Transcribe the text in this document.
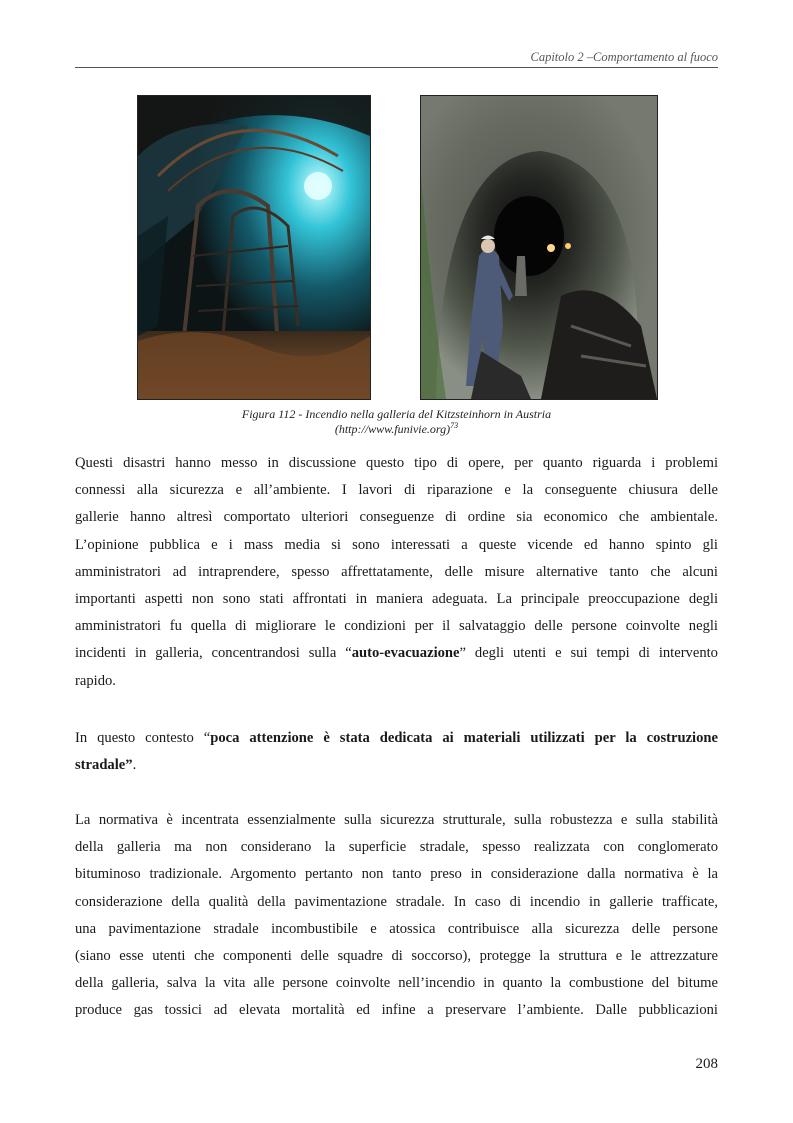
Capitolo 2 –Comportamento al fuoco
Figura 112 - Incendio nella galleria del Kitzsteinhorn in Austria
(http://www.funivie.org)$^{73}$
Questi disastri hanno messo in discussione questo tipo di opere, per quanto riguarda i problemi
connessi alla sicurezza e all’ambiente. I lavori di riparazione e la conseguente chiusura delle
gallerie hanno altresì comportato ulteriori conseguenze di ordine sia economico che ambientale.
L’opinione pubblica e i mass media si sono interessati a queste vicende ed hanno spinto gli
amministratori ad intraprendere, spesso affrettatamente, delle misure alternative tanto che alcuni
importanti aspetti non sono stati affrontati in maniera adeguata. La principale preoccupazione degli
amministratori fu quella di migliorare le condizioni per il salvataggio delle persone coinvolte negli
incidenti in galleria, concentrandosi sulla “auto-evacuazione” degli utenti e sui tempi di intervento
rapido.
In questo contesto “poca attenzione è stata dedicata ai materiali utilizzati per la costruzione
stradale”.
La normativa è incentrata essenzialmente sulla sicurezza strutturale, sulla robustezza e sulla stabilità
della galleria ma non considerano la superficie stradale, spesso realizzata con conglomerato
bituminoso tradizionale. Argomento pertanto non tanto preso in considerazione dalla normativa è la
considerazione della qualità della pavimentazione stradale. In caso di incendio in gallerie trafficate,
una pavimentazione stradale incombustibile e atossica contribuisce alla sicurezza delle persone
(siano esse utenti che componenti delle squadre di soccorso), protegge la struttura e le attrezzature
della galleria, salva la vita alle persone coinvolte nell’incendio in quanto la combustione del bitume
produce gas tossici ad elevata mortalità ed infine a preservare l’ambiente. Dalle pubblicazioni
208
